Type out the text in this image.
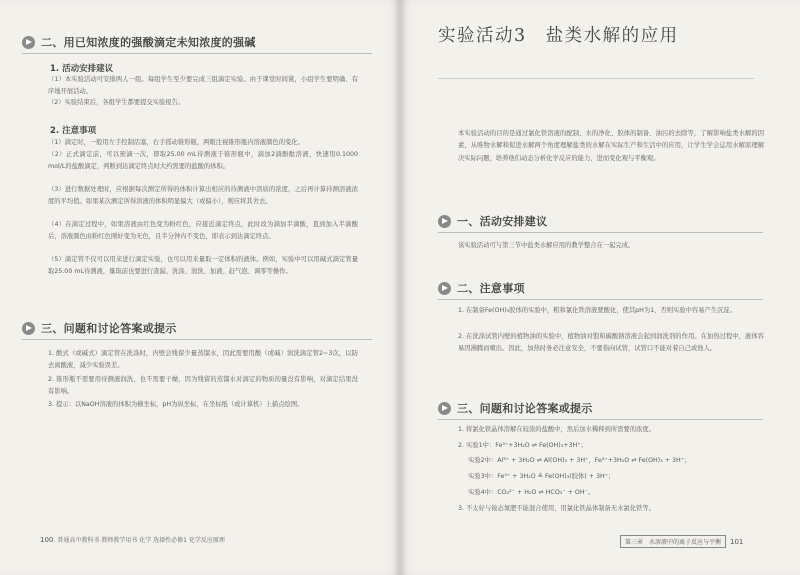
二、用已知浓度的强酸滴定未知浓度的强碱
1. 活动安排建议
（1）本实验活动可安排两人一组。每组学生至少要完成三组滴定实验。由于课堂时间紧，小组学生要明确、有序地开展活动。
（2）实验结束后，各组学生都要提交实验报告。
2. 注意事项
（1）滴定时，一般用左手控制活塞，右手摇动锥形瓶，两眼注视锥形瓶内溶液颜色的变化。
（2）正式滴定前，可以预滴一次，即取25.00 mL待测液于锥形瓶中，滴加2滴酚酞溶液，快速用0.1000 mol/L的盐酸滴定，判断到达滴定终点时大约需要的盐酸的体积。
（3）进行数据处理时，应根据每次测定所得的体积计算出相应的待测液中溶质的浓度，之后再计算待测溶液浓度的平均值。如果某次测定所得溶液的体积明显偏大（或偏小），则应将其舍去。
（4）在滴定过程中，如果溶液由红色变为粉红色，应接近滴定终点，此时改为滴加半滴酸，直到加入半滴酸后，溶液颜色由粉红色刚好变为无色，且半分钟内不变色，即表示到达滴定终点。
（5）滴定管不仅可以用来进行滴定实验，也可以用来量取一定体积的液体。例如，实验中可以用碱式滴定管量取25.00 mL待测液，量取前也要进行查漏、洗涤、润洗、加液、赶气泡、调零等操作。
三、问题和讨论答案或提示
1. 酸式（或碱式）滴定管在洗涤时，内壁会残留少量蒸馏水，因此需要用酸（或碱）润洗滴定管2~3次，以防去离酸液，减少实验误差。
2. 锥形瓶不需要用待测液润洗，也不需要干燥，因为残留的蒸馏水对滴定的物质的量没有影响，对滴定结果没有影响。
3. 提示：以NaOH溶液的体积为横坐标，pH为纵坐标，在坐标纸（或计算机）上描点绘图。
100 普通高中教科书 教师教学用书 化学 选择性必修1 化学反应原理
实验活动3　盐类水解的应用
本实验活动的目的是通过氯化铁溶液的配制、水的净化、胶体的制备、油污的去除等，了解影响盐类水解的因素，从唯物水解和促进水解两个角度理解盐类的水解在实际生产和生活中的应用，让学生学会运用水解原理解决实际问题，培养他们动态分析化学反应的能力，进而变化观与平衡观。
一、活动安排建议
该实验活动可与第三节中盐类水解应用的教学整合在一起完成。
二、注意事项
1. 在制备Fe(OH)₃胶体的实验中，粗和氯化铁溶液要酸化，使其pH为1，否则实验中容易产生沉淀。
2. 在洗涤试管内壁的植物油的实验中，植物油对饱和碳酸钠溶液会起到润洗剂的作用。在加热过程中，液体容易因沸腾而喷出。因此，加热时务必注意安全，不要指向试管，试管口不能对着自己或他人。
三、问题和讨论答案或提示
1. 将氯化铁晶体溶解在较浓的盐酸中，然后加水稀释到所需要的浓度。
2. 实验1中：Fe³⁺+3H₂O ⇌ Fe(OH)₃+3H⁺；
实验2中：Al³⁺ + 3H₂O ⇌ Al(OH)₃ + 3H⁺，Fe³⁺+3H₂O ⇌ Fe(OH)₃ + 3H⁺；
实验3中：Fe³⁺ + 3H₂O ≜ Fe(OH)₃(胶体) + 3H⁺；
实验4中：CO₃²⁻ + H₂O ⇌ HCO₃⁻ + OH⁻。
3. 不太好与铵态氮肥不能混合使用，用氯化铁晶体制备无水氯化铁等。
第三章　水溶液中的离子反应与平衡	101
